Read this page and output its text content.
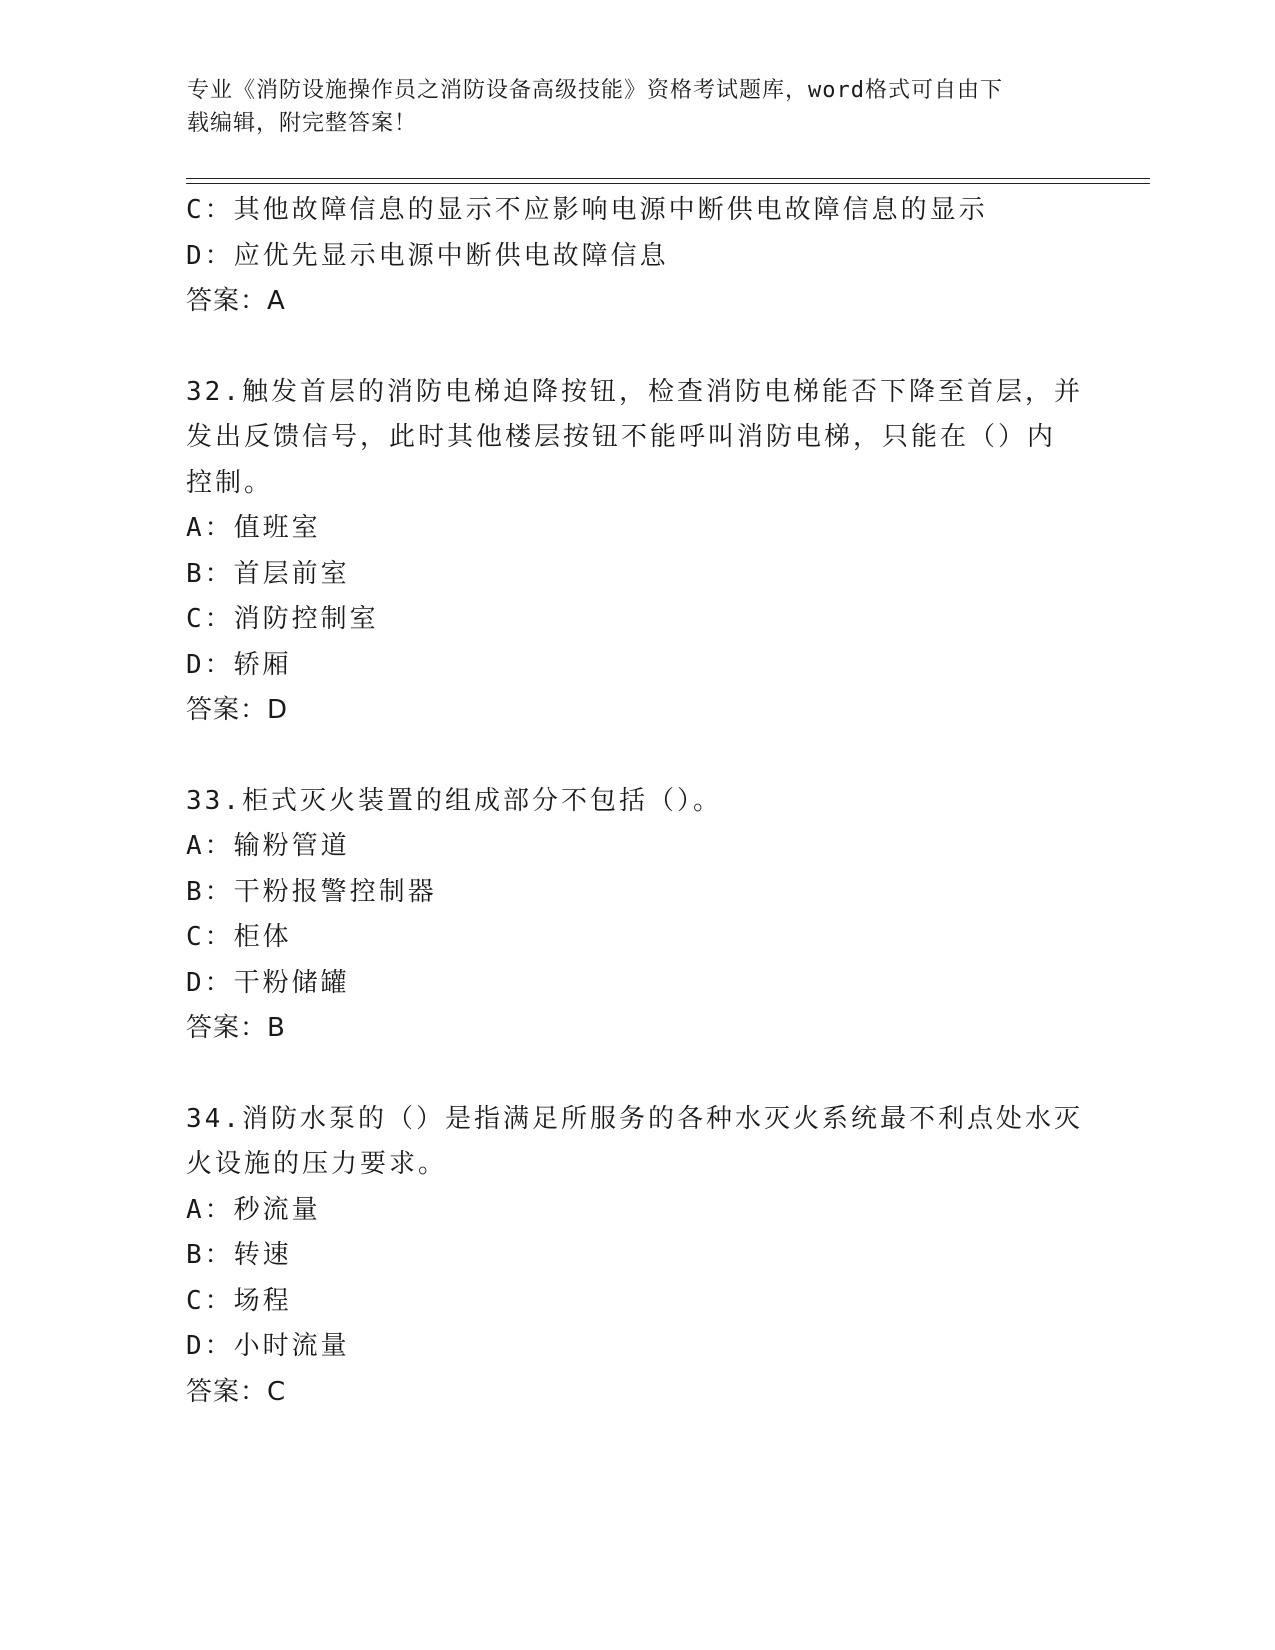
专业《消防设施操作员之消防设备高级技能》资格考试题库，word格式可自由下
载编辑，附完整答案！
C：其他故障信息的显示不应影响电源中断供电故障信息的显示
D：应优先显示电源中断供电故障信息
答案：A
32.触发首层的消防电梯迫降按钮，检查消防电梯能否下降至首层，并
发出反馈信号，此时其他楼层按钮不能呼叫消防电梯，只能在（）内
控制。
A：值班室
B：首层前室
C：消防控制室
D：轿厢
答案：D
33.柜式灭火装置的组成部分不包括（）。
A：输粉管道
B：干粉报警控制器
C：柜体
D：干粉储罐
答案：B
34.消防水泵的（）是指满足所服务的各种水灭火系统最不利点处水灭
火设施的压力要求。
A：秒流量
B：转速
C：场程
D：小时流量
答案：C
